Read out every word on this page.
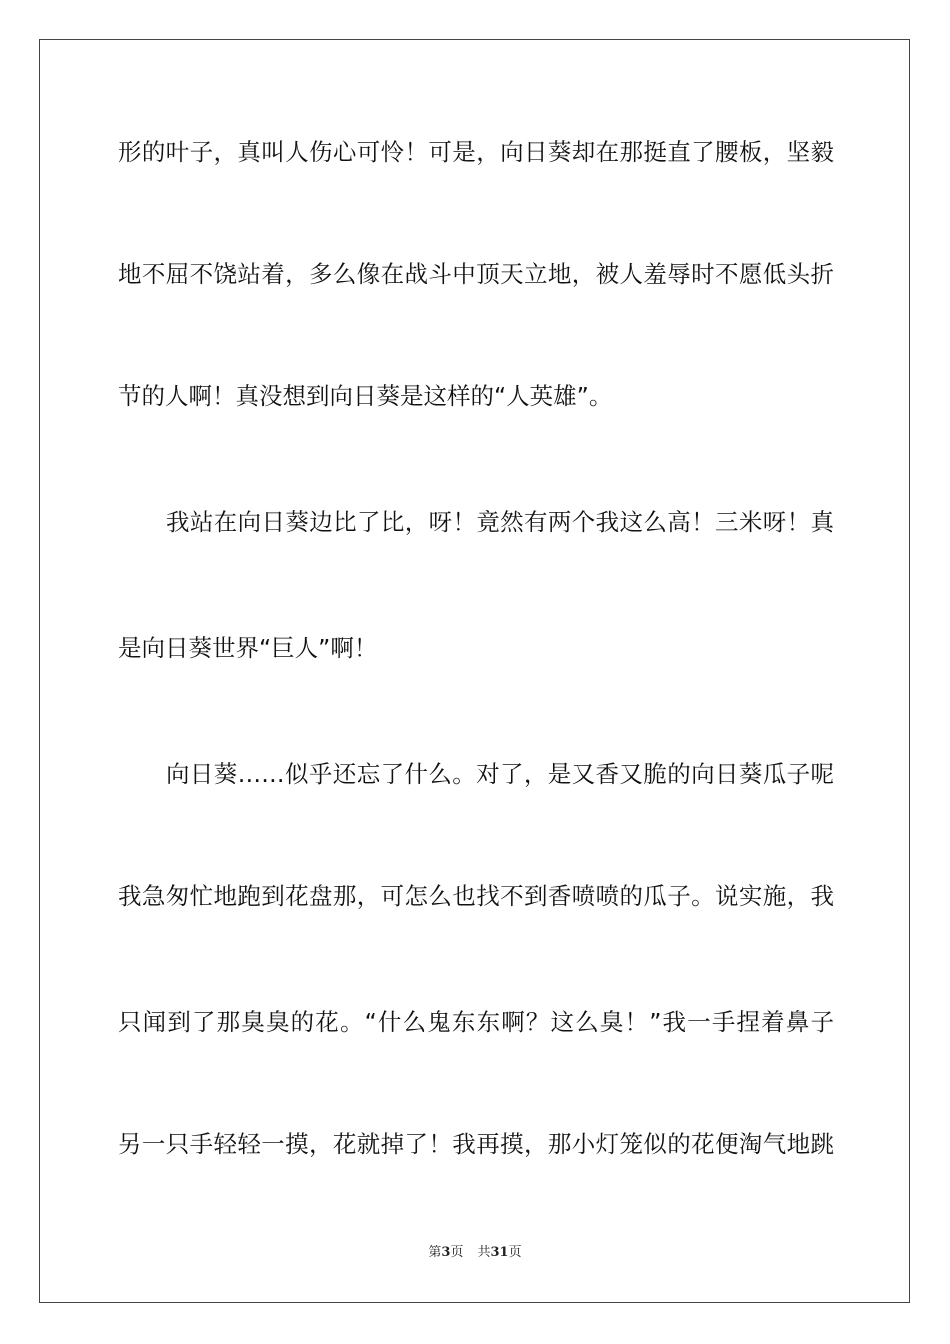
形的叶子，真叫人伤心可怜！可是，向日葵却在那挺直了腰板，坚毅
地不屈不饶站着，多么像在战斗中顶天立地，被人羞辱时不愿低头折
节的人啊！真没想到向日葵是这样的“人英雄”。
我站在向日葵边比了比，呀！竟然有两个我这么高！三米呀！真
是向日葵世界“巨人”啊！
向日葵……似乎还忘了什么。对了，是又香又脆的向日葵瓜子呢
我急匆忙地跑到花盘那，可怎么也找不到香喷喷的瓜子。说实施，我
只闻到了那臭臭的花。“什么鬼东东啊？这么臭！”我一手捏着鼻子
另一只手轻轻一摸，花就掉了！我再摸，那小灯笼似的花便淘气地跳
第3页 共31页
